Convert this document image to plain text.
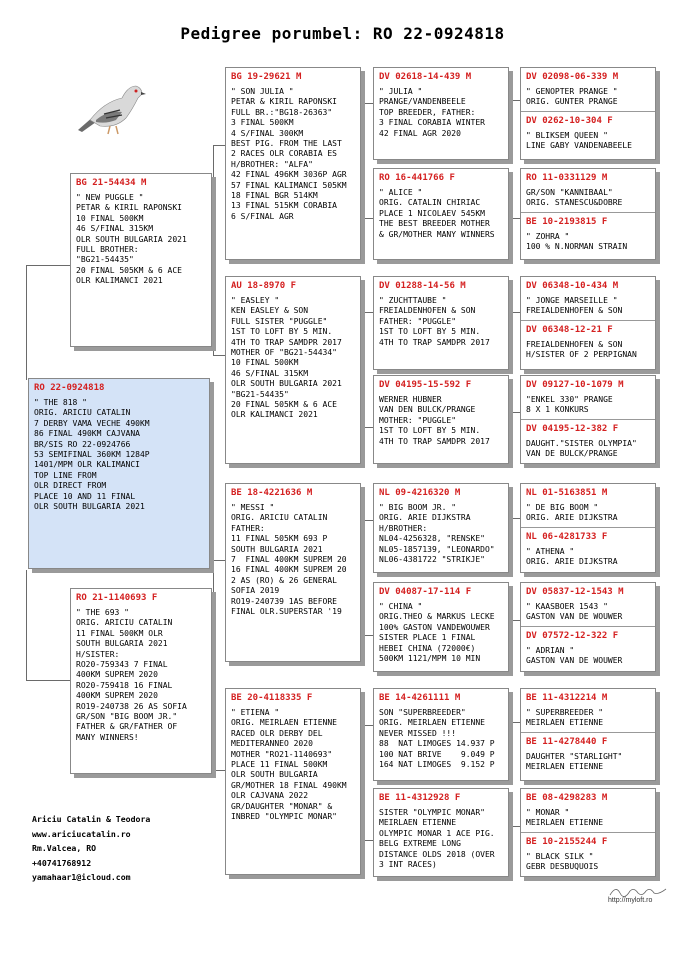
Pedigree porumbel: RO 22-0924818
RO 22-0924818
" THE 818 "
ORIG. ARICIU CATALIN
7 DERBY VAMA VECHE 490KM
86 FINAL 490KM CAJVANA
BR/SIS RO 22-0924766
53 SEMIFINAL 360KM 1284P
1401/MPM OLR KALIMANCI
TOP LINE FROM
OLR DIRECT FROM
PLACE 10 AND 11 FINAL
OLR SOUTH BULGARIA 2021
BG 21-54434 M
" NEW PUGGLE "
PETAR & KIRIL RAPONSKI
10 FINAL 500KM
46 S/FINAL 315KM
OLR SOUTH BULGARIA 2021
FULL BROTHER:
"BG21-54435"
20 FINAL 505KM & 6 ACE
OLR KALIMANCI 2021
RO 21-1140693 F
" THE 693 "
ORIG. ARICIU CATALIN
11 FINAL 500KM OLR
SOUTH BULGARIA 2021
H/SISTER:
RO20-759343 7 FINAL
400KM SUPREM 2020
RO20-759418 16 FINAL
400KM SUPREM 2020
RO19-240738 26 AS SOFIA
GR/SON "BIG BOOM JR."
FATHER & GR/FATHER OF
MANY WINNERS!
BG 19-29621 M
" SON JULIA "
PETAR & KIRIL RAPONSKI
FULL BR.:"BG18-26363"
3 FINAL 500KM
4 S/FINAL 300KM
BEST PIG. FROM THE LAST
2 RACES OLR CORABIA ES
H/BROTHER: "ALFA"
42 FINAL 496KM 3036P AGR
57 FINAL KALIMANCI 505KM
18 FINAL BGR 514KM
13 FINAL 515KM CORABIA
6 S/FINAL AGR
AU 18-8970 F
" EASLEY "
KEN EASLEY & SON
FULL SISTER "PUGGLE"
1ST TO LOFT BY 5 MIN.
4TH TO TRAP SAMDPR 2017
MOTHER OF "BG21-54434"
10 FINAL 500KM
46 S/FINAL 315KM
OLR SOUTH BULGARIA 2021
"BG21-54435"
20 FINAL 505KM & 6 ACE
OLR KALIMANCI 2021
BE 18-4221636 M
" MESSI "
ORIG. ARICIU CATALIN
FATHER:
11 FINAL 505KM 693 P
SOUTH BULGARIA 2021
7  FINAL 400KM SUPREM 20
16 FINAL 400KM SUPREM 20
2 AS (RO) & 26 GENERAL
SOFIA 2019
RO19-240739 1AS BEFORE
FINAL OLR.SUPERSTAR '19
BE 20-4118335 F
" ETIENA "
ORIG. MEIRLAEN ETIENNE
RACED OLR DERBY DEL
MEDITERANNEO 2020
MOTHER "RO21-1140693"
PLACE 11 FINAL 500KM
OLR SOUTH BULGARIA
GR/MOTHER 18 FINAL 490KM
OLR CAJVANA 2022
GR/DAUGHTER "MONAR" &
INBRED "OLYMPIC MONAR"
DV 02618-14-439 M
" JULIA "
PRANGE/VANDENBEELE
TOP BREEDER, FATHER:
3 FINAL CORABIA WINTER
42 FINAL AGR 2020
RO 16-441766 F
" ALICE "
ORIG. CATALIN CHIRIAC
PLACE 1 NICOLAEV 545KM
THE BEST BREEDER MOTHER
& GR/MOTHER MANY WINNERS
DV 01288-14-56 M
" ZUCHTTAUBE "
FREIALDENHOFEN & SON
FATHER: "PUGGLE"
1ST TO LOFT BY 5 MIN.
4TH TO TRAP SAMDPR 2017
DV 04195-15-592 F
WERNER HUBNER
VAN DEN BULCK/PRANGE
MOTHER: "PUGGLE"
1ST TO LOFT BY 5 MIN.
4TH TO TRAP SAMDPR 2017
NL 09-4216320 M
" BIG BOOM JR. "
ORIG. ARIE DIJKSTRA
H/BROTHER:
NL04-4256328, "RENSKE"
NL05-1857139, "LEONARDO"
NL06-4381722 "STRIKJE"
DV 04087-17-114 F
" CHINA "
ORIG.THEO & MARKUS LECKE
100% GASTON VANDEWOUWER
SISTER PLACE 1 FINAL
HEBEI CHINA (72000€)
500KM 1121/MPM 10 MIN
BE 14-4261111 M
SON "SUPERBREEDER"
ORIG. MEIRLAEN ETIENNE
NEVER MISSED !!!
88  NAT LIMOGES 14.937 P
100 NAT BRIVE    9.049 P
164 NAT LIMOGES  9.152 P
BE 11-4312928 F
SISTER "OLYMPIC MONAR"
MEIRLAEN ETIENNE
OLYMPIC MONAR 1 ACE PIG.
BELG EXTREME LONG
DISTANCE OLDS 2018 (OVER
3 INT RACES)
DV 02098-06-339 M
" GENOPTER PRANGE "
ORIG. GUNTER PRANGE
DV 0262-10-304 F
" BLIKSEM QUEEN "
LINE GABY VANDENABEELE
RO 11-0331129 M
GR/SON "KANNIBAAL"
ORIG. STANESCU&DOBRE
BE 10-2193815 F
" ZOHRA "
100 % N.NORMAN STRAIN
DV 06348-10-434 M
" JONGE MARSEILLE "
FREIALDENHOFEN & SON
DV 06348-12-21 F
FREIALDENHOFEN & SON
H/SISTER OF 2 PERPIGNAN
DV 09127-10-1079 M
"ENKEL 330" PRANGE
8 X 1 KONKURS
DV 04195-12-382 F
DAUGHT."SISTER OLYMPIA"
VAN DE BULCK/PRANGE
NL 01-5163851 M
" DE BIG BOOM "
ORIG. ARIE DIJKSTRA
NL 06-4281733 F
" ATHENA "
ORIG. ARIE DIJKSTRA
DV 05837-12-1543 M
" KAASBOER 1543 "
GASTON VAN DE WOUWER
DV 07572-12-322 F
" ADRIAN "
GASTON VAN DE WOUWER
BE 11-4312214 M
" SUPERBREEDER "
MEIRLAEN ETIENNE
BE 11-4278440 F
DAUGHTER "STARLIGHT"
MEIRLAEN ETIENNE
BE 08-4298283 M
" MONAR "
MEIRLAEN ETIENNE
BE 10-2155244 F
" BLACK SILK "
GEBR DESBUQUOIS
Ariciu Catalin & Teodora
www.ariciucatalin.ro
Rm.Valcea, RO
+40741768912
yamahaar1@icloud.com
http://myloft.ro
